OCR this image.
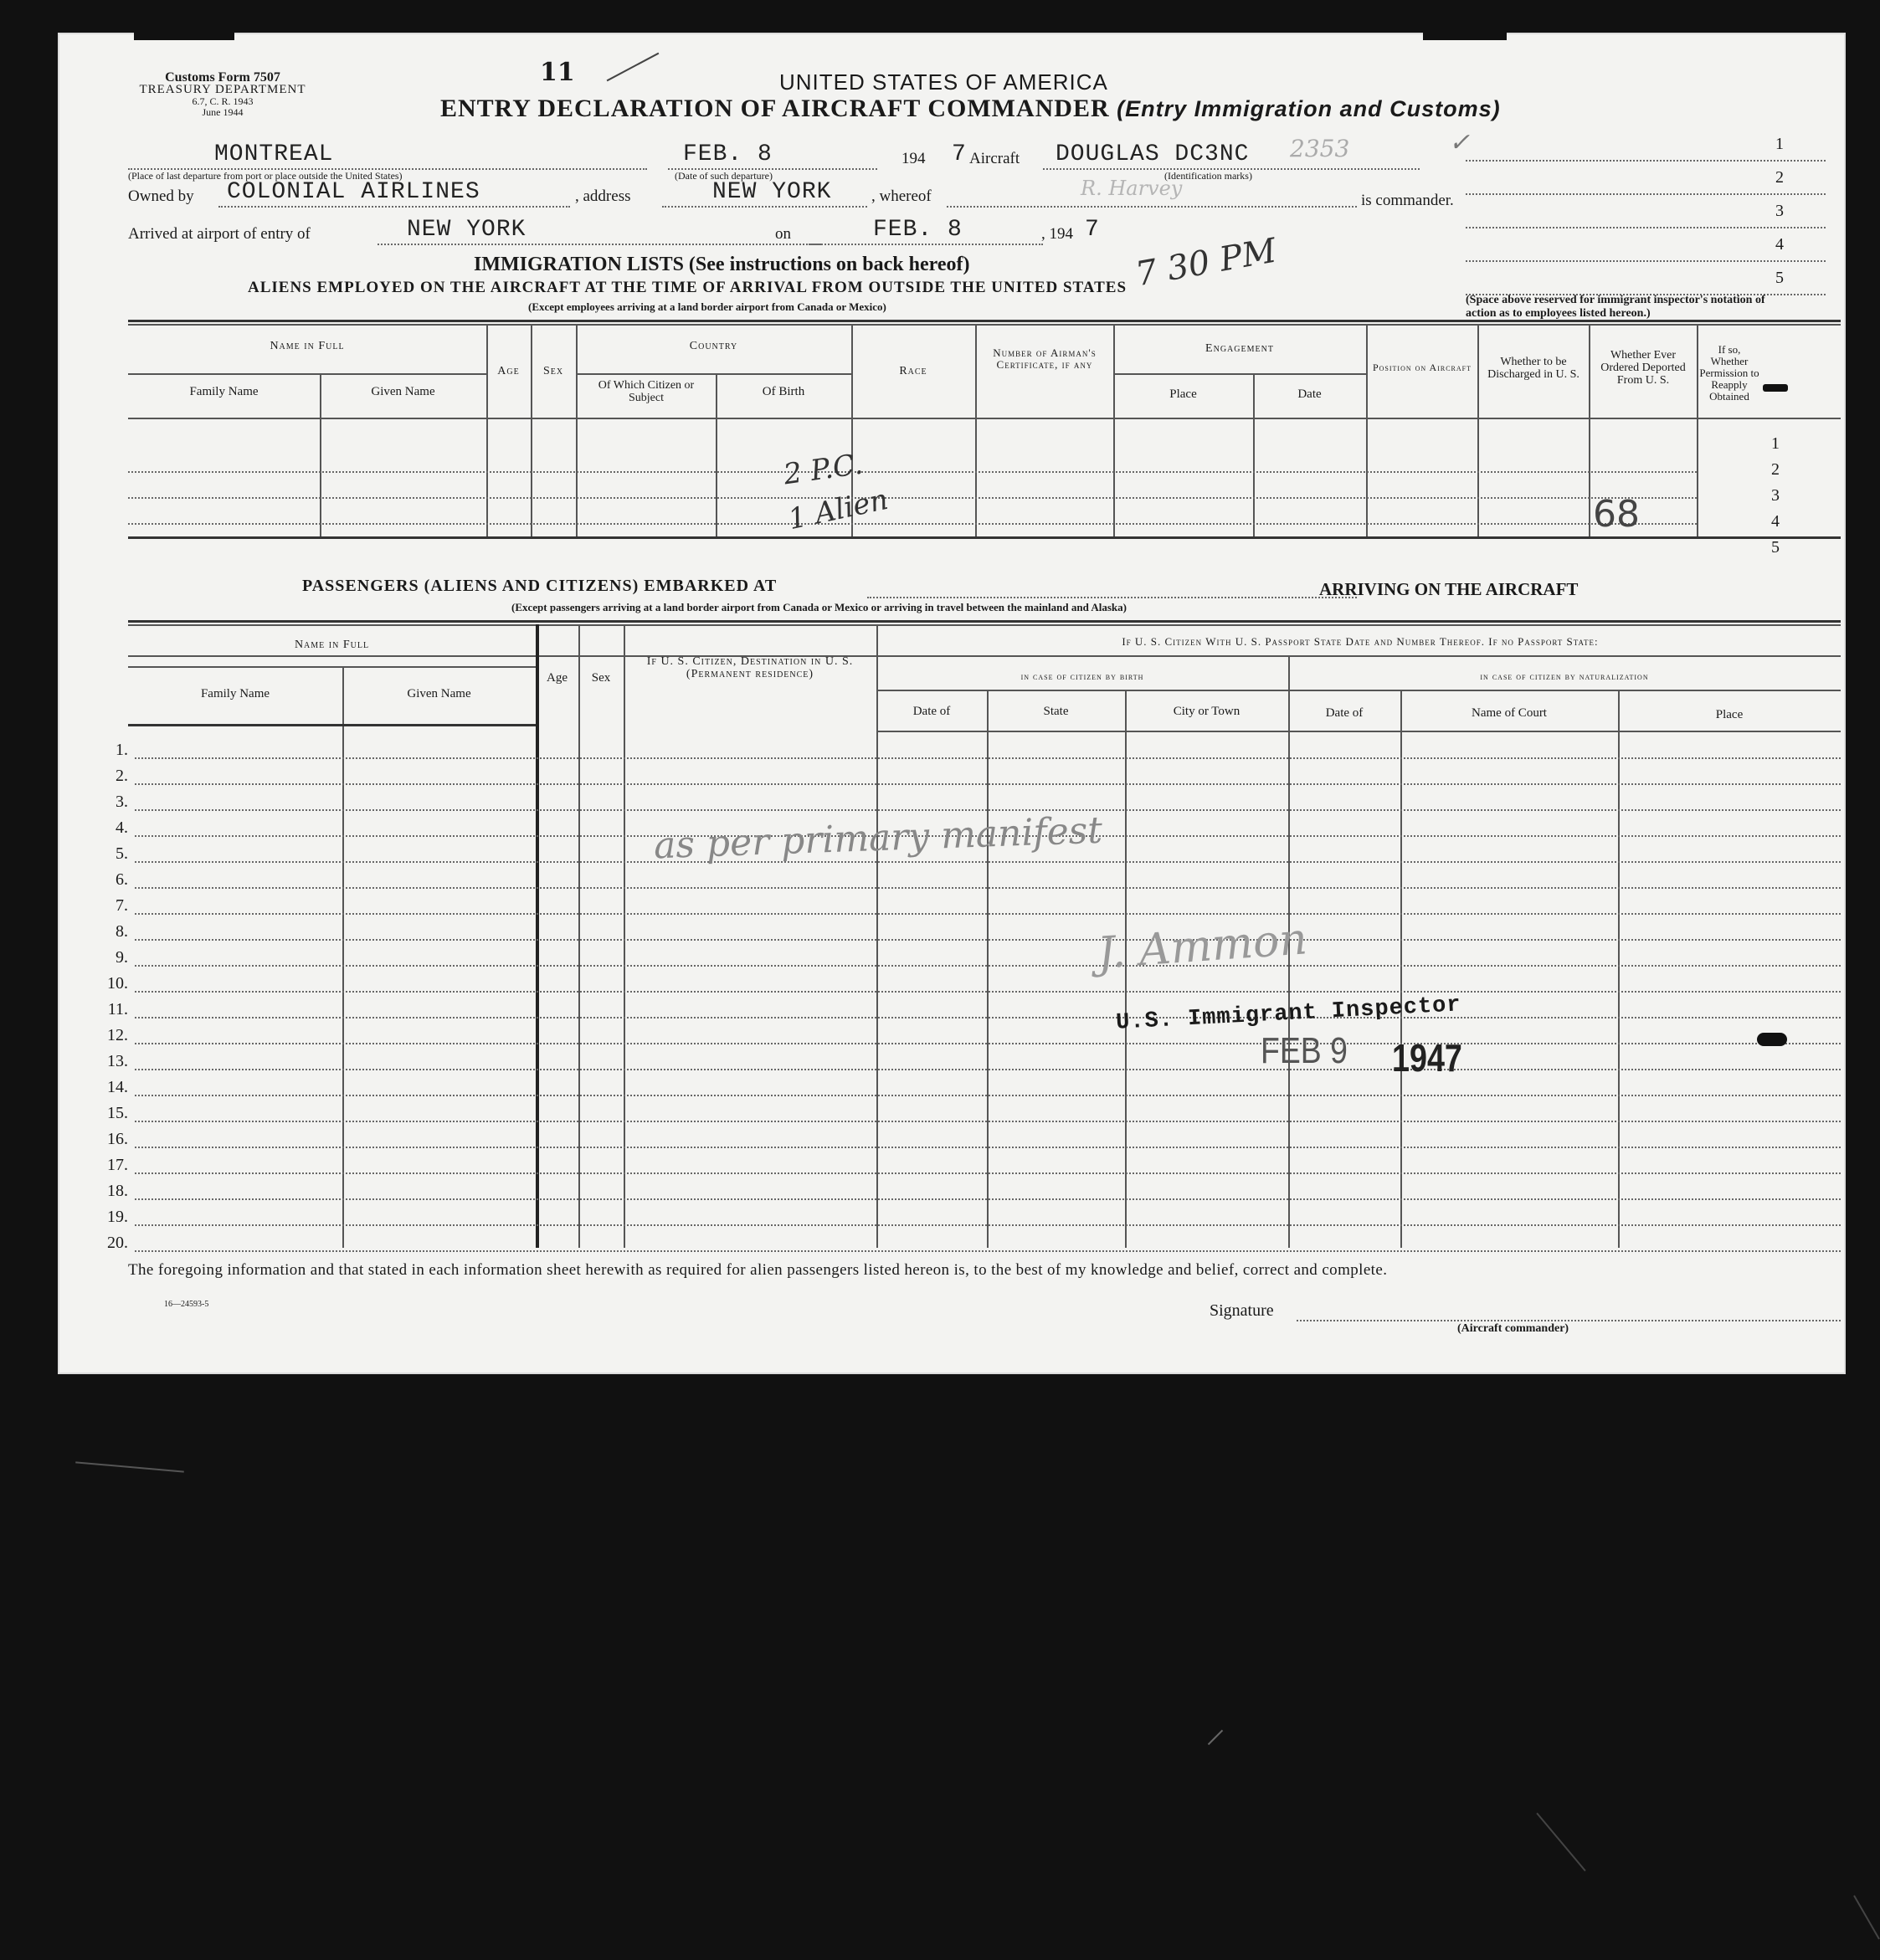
Customs Form 7507
TREASURY DEPARTMENT
6.7, C. R. 1943
June 1944
11	UNITED STATES OF AMERICA
ENTRY DECLARATION OF AIRCRAFT COMMANDER (Entry Immigration and Customs)
MONTREAL
(Place of last departure from port or place outside the United States)
FEB. 8
(Date of such departure)
194 7 Aircraft DOUGLAS DC3NC
(Identification marks)
2353	✓
Owned by COLONIAL AIRLINES	, address	NEW YORK	, whereof	R. Harvey
is commander.
Arrived at airport of entry of	NEW YORK	on	FEB. 8	, 194 7
7 30 PM
1
2
3
4
5
(Space above reserved for immigrant inspector's notation of action as to employees listed hereon.)
IMMIGRATION LISTS (See instructions on back hereof)
ALIENS EMPLOYED ON THE AIRCRAFT AT THE TIME OF ARRIVAL FROM OUTSIDE THE UNITED STATES
(Except employees arriving at a land border airport from Canada or Mexico)
Name in Full
Family Name	Given Name
Age	Sex
Country
Of Which Citizen or Subject	Of Birth
Race
Number of Airman's Certificate, if any
Engagement
Place	Date
Position on Aircraft	Whether to be Discharged in U. S.
Whether Ever Ordered Deported From U. S.
If so, Whether Permission to Reapply Obtained
1
2
3
4
5
2 P.C.
1 Alien	68
PASSENGERS (ALIENS AND CITIZENS) EMBARKED AT	ARRIVING ON THE AIRCRAFT
(Except passengers arriving at a land border airport from Canada or Mexico or arriving in travel between the mainland and Alaska)
Name in Full
Family Name	Given Name
Age	Sex
If U. S. Citizen, Destination in U. S. (Permanent residence)
If U. S. Citizen With U. S. Passport State Date and Number Thereof. If no Passport State:
in case of citizen by birth	in case of citizen by naturalization
Date of	State	City or Town	Date of	Name of Court	Place
1.
2.
3.
4.
5.
6.
7.
8.
9.
10.
11.
12.
13.
14.
15.
16.
17.
18.
19.
20.
as per primary manifest
J. Ammon
U.S. Immigrant Inspector
FEB 9 1947
The foregoing information and that stated in each information sheet herewith as required for alien passengers listed hereon is, to the best of my knowledge and belief, correct and complete.
16—24593-5	Signature
(Aircraft commander)
